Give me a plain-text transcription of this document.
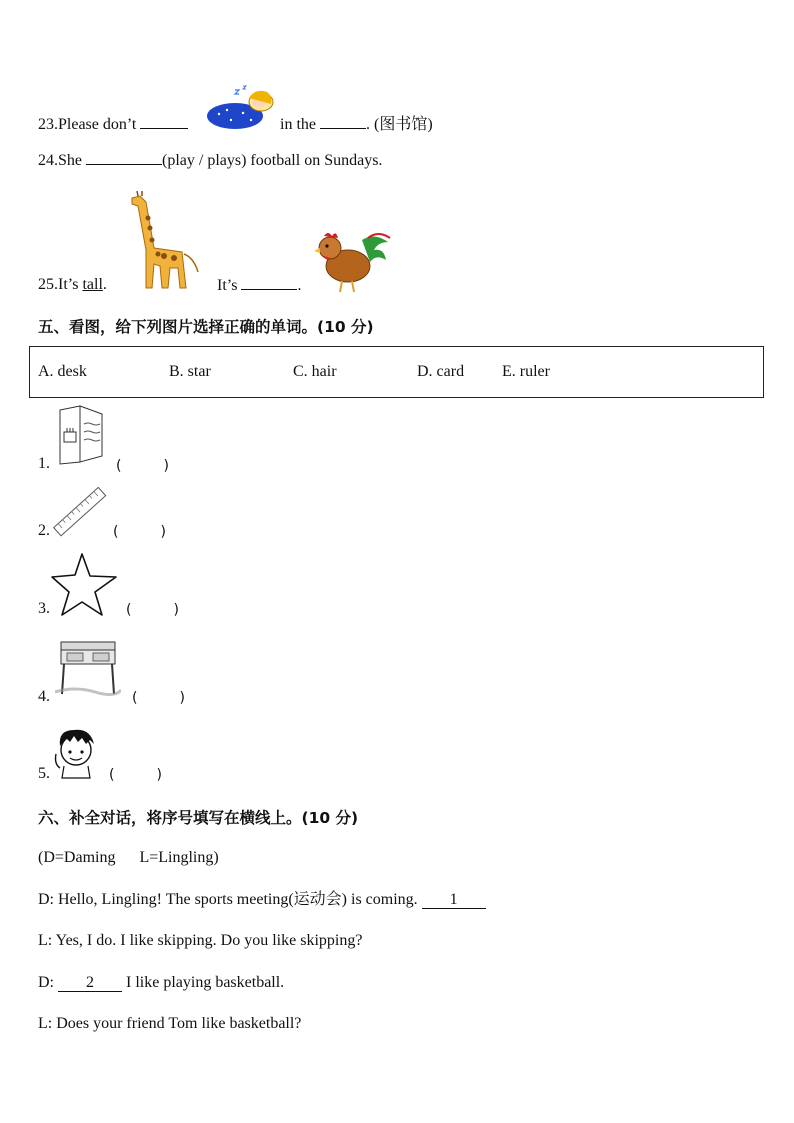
23.Please don’t	in the	. (图书馆)
24.She	(play / plays) football on Sundays.
25.It’s tall.	It’s	.
五、看图，给下列图片选择正确的单词。(10 分)
A. desk	B. star	C. hair	D. card E. ruler
1.	(　　　)
2.	(　　　)
3.	(　　　)
4.	(　　　)
5.	(　　　)
六、补全对话，将序号填写在横线上。(10 分)
(D=Daming      L=Lingling)
D: Hello, Lingling! The sports meeting(运动会) is coming. 1
L: Yes, I do. I like skipping. Do you like skipping?
D: 2 I like playing basketball.
L: Does your friend Tom like basketball?
